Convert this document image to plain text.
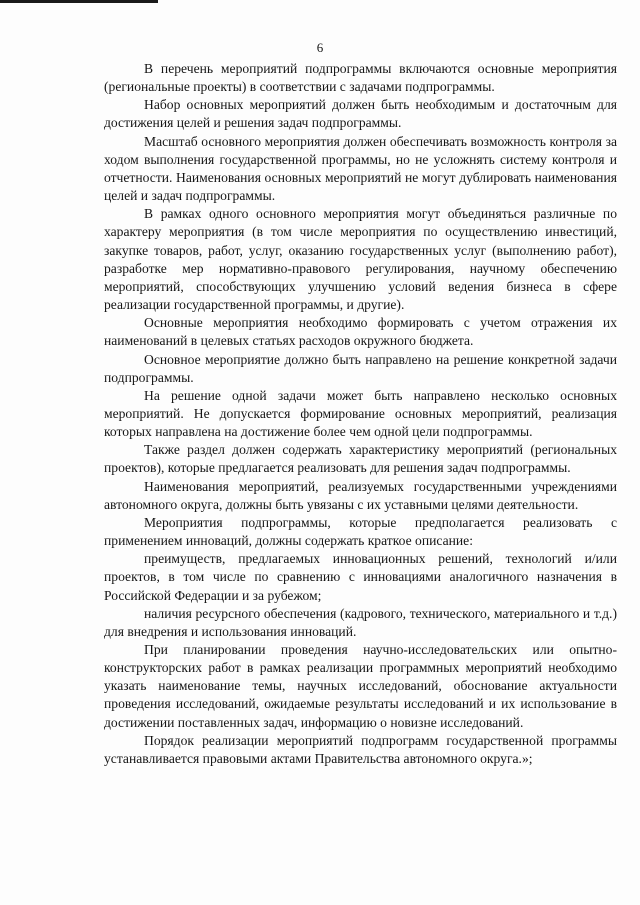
6

В перечень мероприятий подпрограммы включаются основные мероприятия (региональные проекты) в соответствии с задачами подпрограммы.

Набор основных мероприятий должен быть необходимым и достаточным для достижения целей и решения задач подпрограммы.

Масштаб основного мероприятия должен обеспечивать возможность контроля за ходом выполнения государственной программы, но не усложнять систему контроля и отчетности. Наименования основных мероприятий не могут дублировать наименования целей и задач подпрограммы.

В рамках одного основного мероприятия могут объединяться различные по характеру мероприятия (в том числе мероприятия по осуществлению инвестиций, закупке товаров, работ, услуг, оказанию государственных услуг (выполнению работ), разработке мер нормативно-правового регулирования, научному обеспечению мероприятий, способствующих улучшению условий ведения бизнеса в сфере реализации государственной программы, и другие).

Основные мероприятия необходимо формировать с учетом отражения их наименований в целевых статьях расходов окружного бюджета.

Основное мероприятие должно быть направлено на решение конкретной задачи подпрограммы.

На решение одной задачи может быть направлено несколько основных мероприятий. Не допускается формирование основных мероприятий, реализация которых направлена на достижение более чем одной цели подпрограммы.

Также раздел должен содержать характеристику мероприятий (региональных проектов), которые предлагается реализовать для решения задач подпрограммы.

Наименования мероприятий, реализуемых государственными учреждениями автономного округа, должны быть увязаны с их уставными целями деятельности.

Мероприятия подпрограммы, которые предполагается реализовать с применением инноваций, должны содержать краткое описание:

преимуществ, предлагаемых инновационных решений, технологий и/или проектов, в том числе по сравнению с инновациями аналогичного назначения в Российской Федерации и за рубежом;

наличия ресурсного обеспечения (кадрового, технического, материального и т.д.) для внедрения и использования инноваций.

При планировании проведения научно-исследовательских или опытно-конструкторских работ в рамках реализации программных мероприятий необходимо указать наименование темы, научных исследований, обоснование актуальности проведения исследований, ожидаемые результаты исследований и их использование в достижении поставленных задач, информацию о новизне исследований.

Порядок реализации мероприятий подпрограмм государственной программы устанавливается правовыми актами Правительства автономного округа.»;
